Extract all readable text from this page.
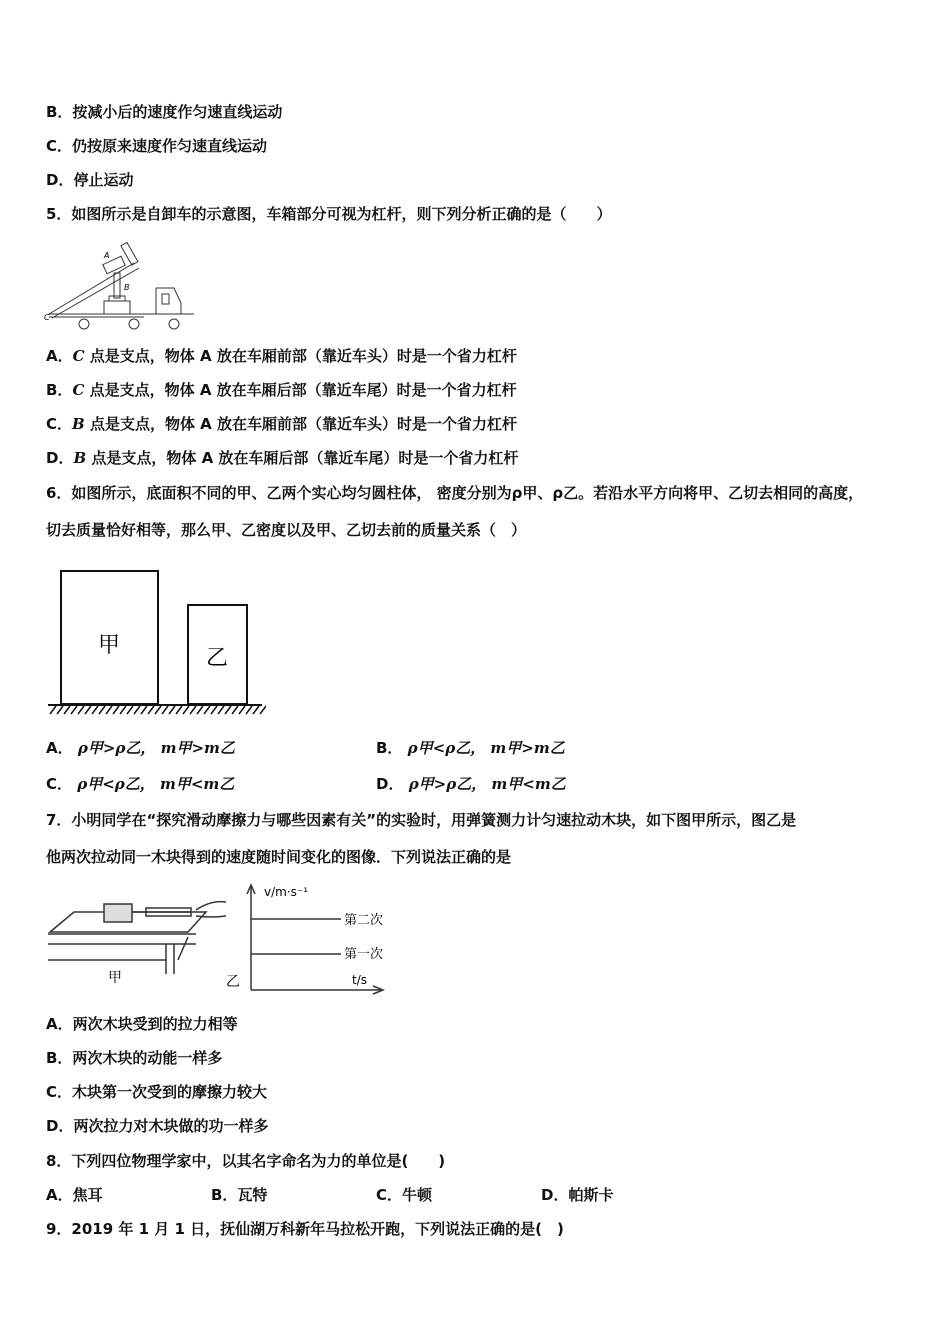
B．按减小后的速度作匀速直线运动
C．仍按原来速度作匀速直线运动
D．停止运动
5．如图所示是自卸车的示意图，车箱部分可视为杠杆，则下列分析正确的是（　　）
A
B
C
A．C 点是支点，物体 A 放在车厢前部（靠近车头）时是一个省力杠杆
B．C 点是支点，物体 A 放在车厢后部（靠近车尾）时是一个省力杠杆
C．B 点是支点，物体 A 放在车厢前部（靠近车头）时是一个省力杠杆
D．B 点是支点，物体 A 放在车厢后部（靠近车尾）时是一个省力杠杆
6．如图所示，底面积不同的甲、乙两个实心均匀圆柱体， 密度分别为ρ甲、ρ乙。若沿水平方向将甲、乙切去相同的高度，
切去质量恰好相等，那么甲、乙密度以及甲、乙切去前的质量关系（　）
甲
乙
A． ρ甲>ρ乙， m甲>m乙	B． ρ甲<ρ乙， m甲>m乙
C． ρ甲<ρ乙， m甲<m乙	D． ρ甲>ρ乙， m甲<m乙
7．小明同学在“探究滑动摩擦力与哪些因素有关”的实验时，用弹簧测力计匀速拉动木块，如下图甲所示，图乙是
他两次拉动同一木块得到的速度随时间变化的图像．下列说法正确的是
甲	乙
v/m·s⁻¹
t/s
第二次
第一次
A．两次木块受到的拉力相等
B．两次木块的动能一样多
C．木块第一次受到的摩擦力较大
D．两次拉力对木块做的功一样多
8．下列四位物理学家中，以其名字命名为力的单位是(　　)
A．焦耳	B．瓦特	C．牛顿	D．帕斯卡
9．2019 年 1 月 1 日，抚仙湖万科新年马拉松开跑，下列说法正确的是(　)
